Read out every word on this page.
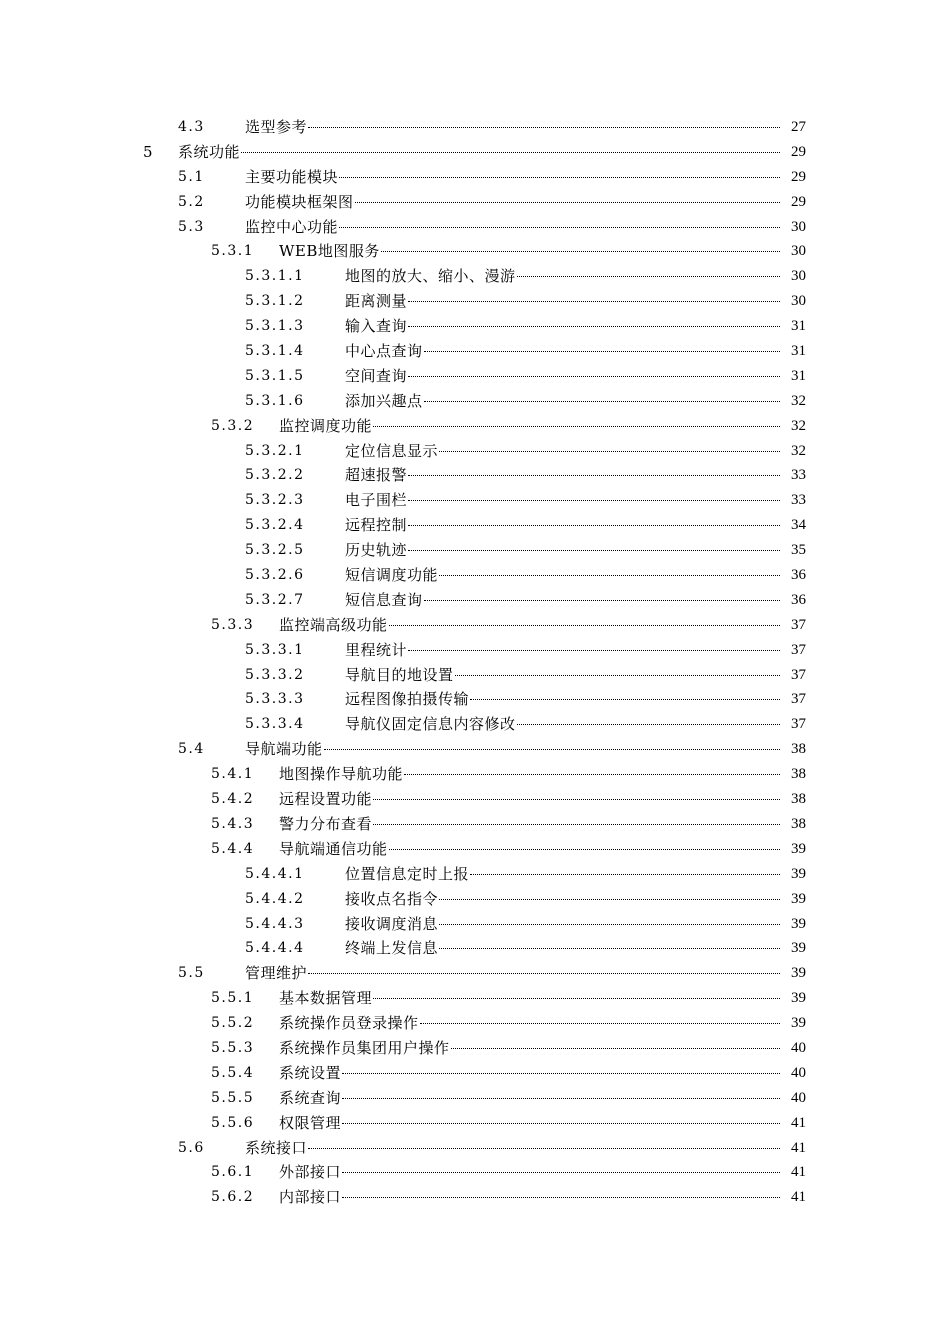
4.3	选型参考	27
5 系统功能	29
5.1	主要功能模块	29
5.2	功能模块框架图	29
5.3	监控中心功能	30
5.3.1 WEB地图服务	30
5.3.1.1	地图的放大、缩小、漫游	30
5.3.1.2	距离测量	30
5.3.1.3	输入查询	31
5.3.1.4	中心点查询	31
5.3.1.5	空间查询	31
5.3.1.6	添加兴趣点	32
5.3.2 监控调度功能	32
5.3.2.1	定位信息显示	32
5.3.2.2	超速报警	33
5.3.2.3	电子围栏	33
5.3.2.4	远程控制	34
5.3.2.5	历史轨迹	35
5.3.2.6	短信调度功能	36
5.3.2.7	短信息查询	36
5.3.3 监控端高级功能	37
5.3.3.1	里程统计	37
5.3.3.2	导航目的地设置	37
5.3.3.3	远程图像拍摄传输	37
5.3.3.4	导航仪固定信息内容修改	37
5.4	导航端功能	38
5.4.1 地图操作导航功能	38
5.4.2 远程设置功能	38
5.4.3 警力分布查看	38
5.4.4 导航端通信功能	39
5.4.4.1	位置信息定时上报	39
5.4.4.2	接收点名指令	39
5.4.4.3	接收调度消息	39
5.4.4.4	终端上发信息	39
5.5	管理维护	39
5.5.1 基本数据管理	39
5.5.2 系统操作员登录操作	39
5.5.3 系统操作员集团用户操作	40
5.5.4 系统设置	40
5.5.5 系统查询	40
5.5.6 权限管理	41
5.6	系统接口	41
5.6.1 外部接口	41
5.6.2 内部接口	41
